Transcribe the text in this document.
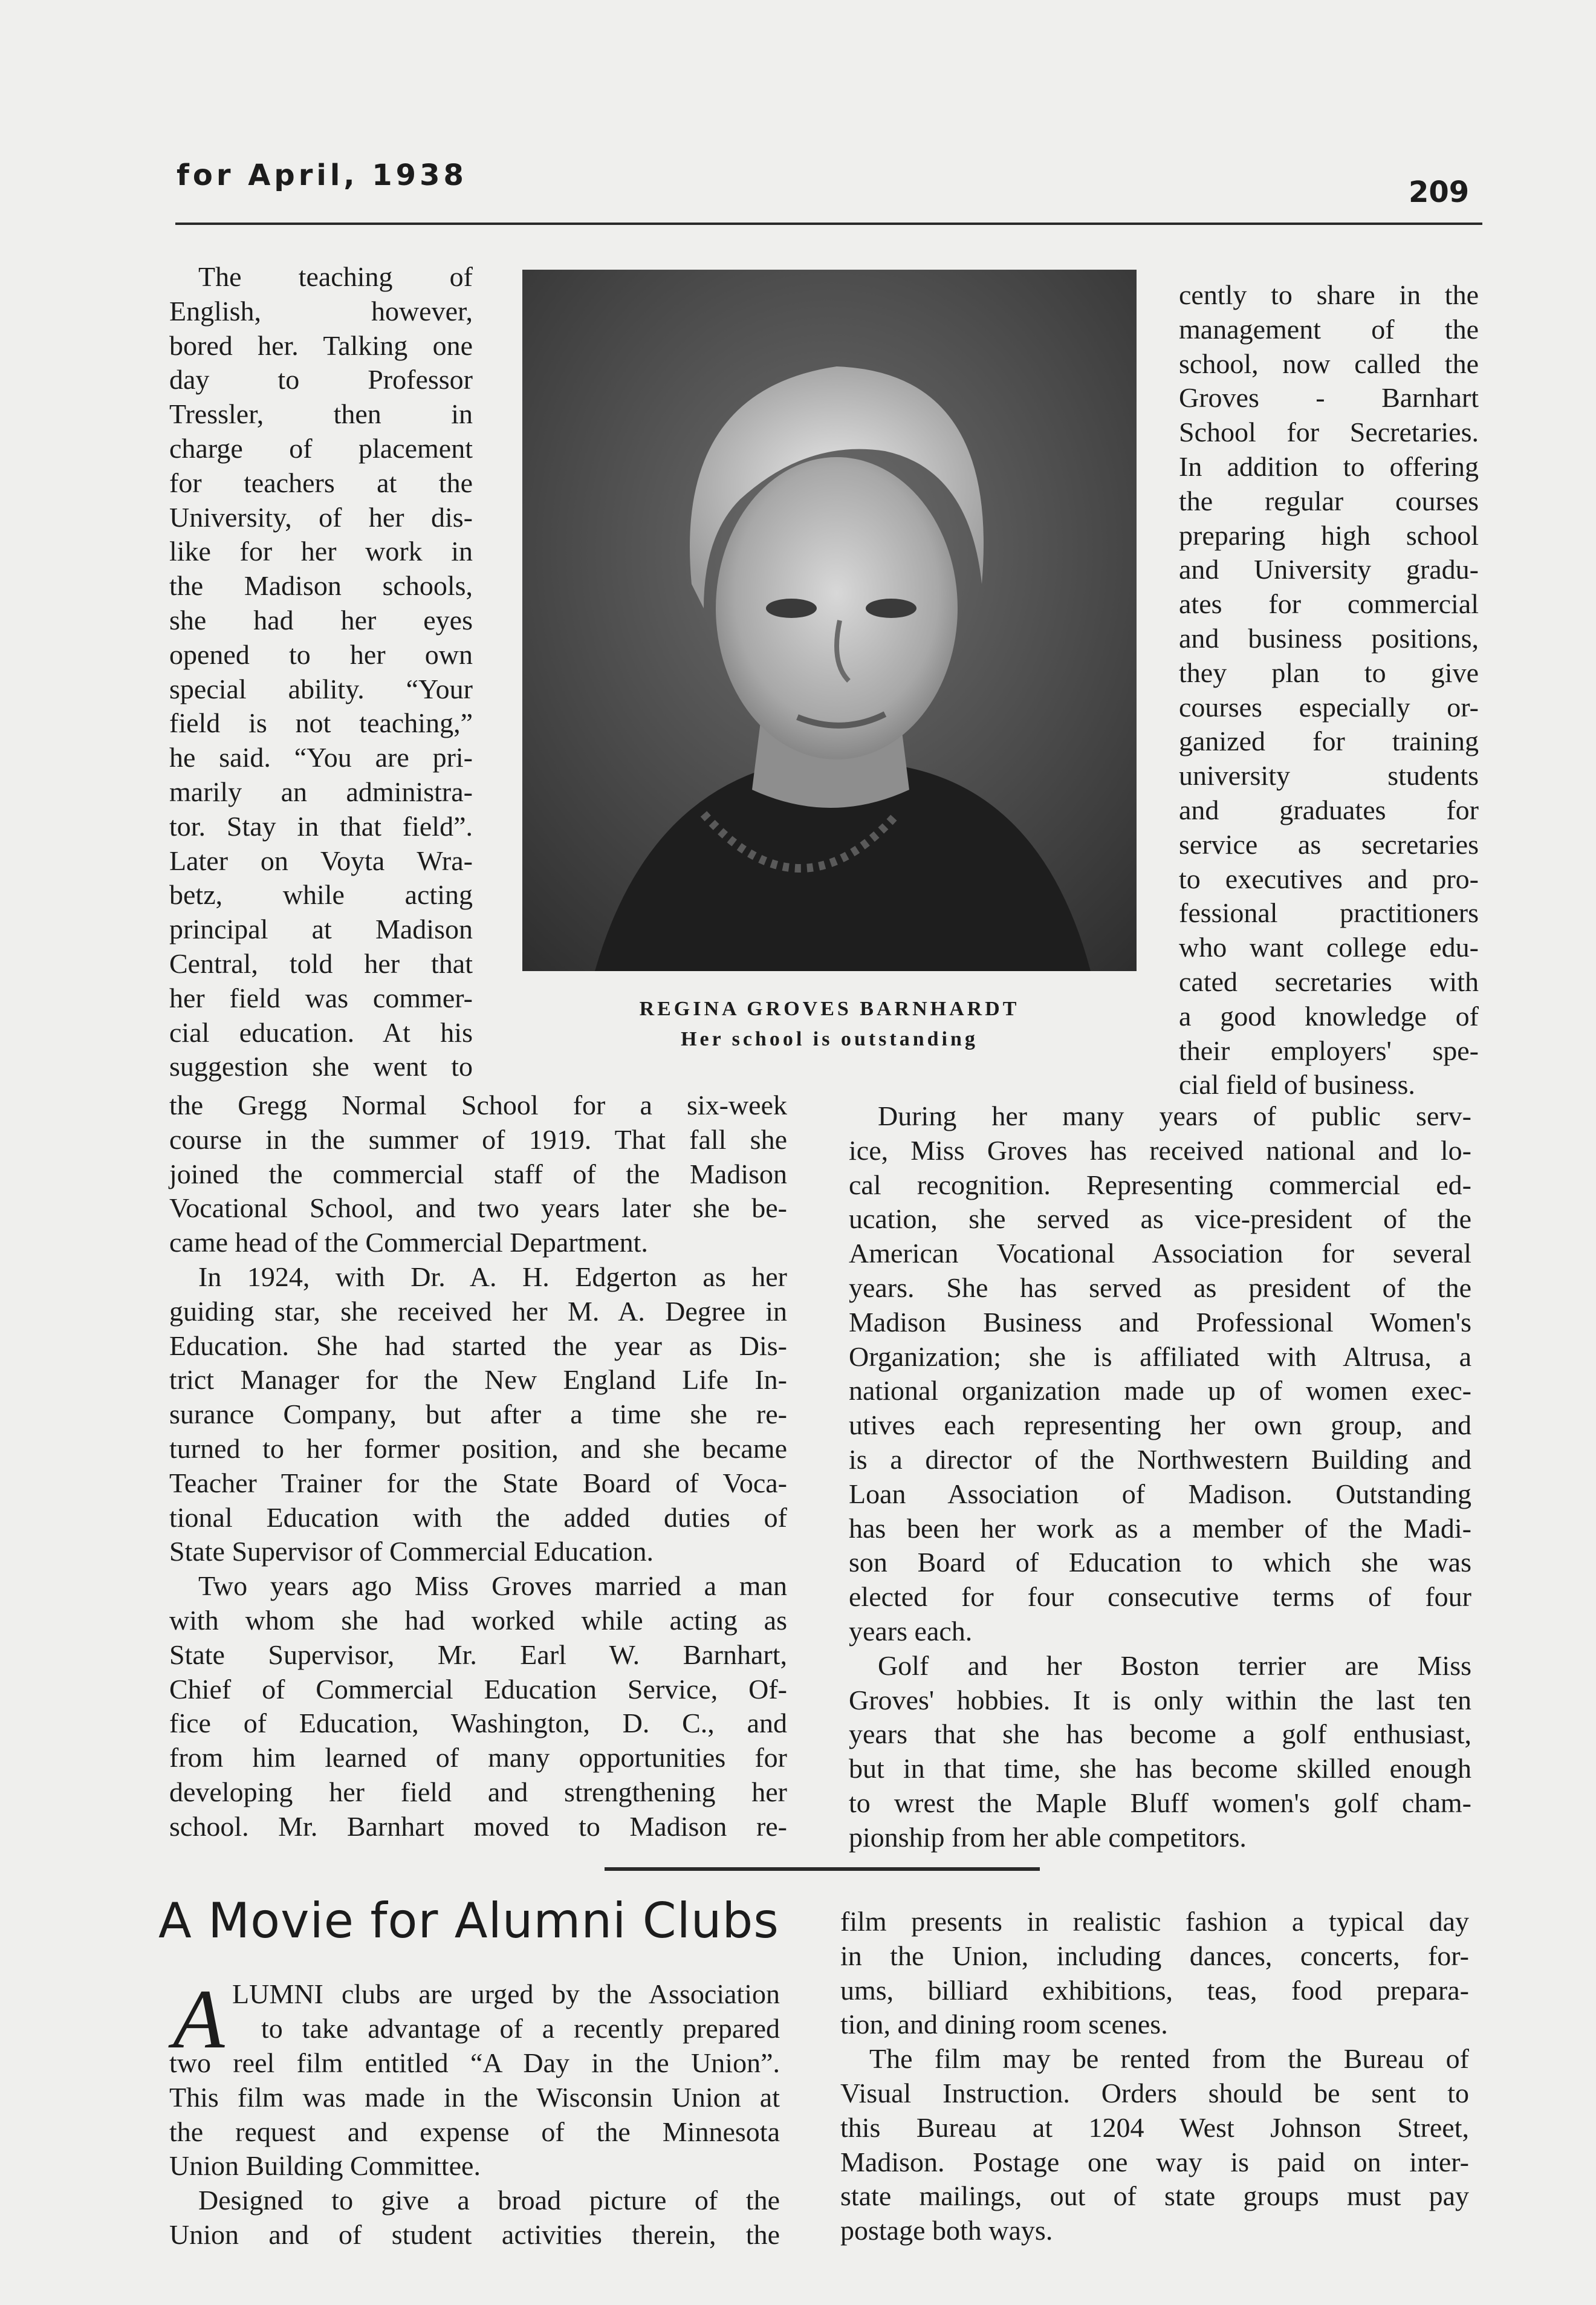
for April, 1938	209
The teaching of
English, however,
bored her. Talking one
day to Professor
Tressler, then in
charge of placement
for teachers at the
University, of her dis-
like for her work in
the Madison schools,
she had her eyes
opened to her own
special ability. “Your
field is not teaching,”
he said. “You are pri-
marily an administra-
tor. Stay in that field”.
Later on Voyta Wra-
betz, while acting
principal at Madison
Central, told her that
her field was commer-
cial education. At his
suggestion she went to
REGINA GROVES BARNHARDT
Her school is outstanding
cently to share in the
management of the
school, now called the
Groves - Barnhart
School for Secretaries.
In addition to offering
the regular courses
preparing high school
and University gradu-
ates for commercial
and business positions,
they plan to give
courses especially or-
ganized for training
university students
and graduates for
service as secretaries
to executives and pro-
fessional practitioners
who want college edu-
cated secretaries with
a good knowledge of
their employers' spe-
cial field of business.
the Gregg Normal School for a six-week
course in the summer of 1919. That fall she
joined the commercial staff of the Madison
Vocational School, and two years later she be-
came head of the Commercial Department.
In 1924, with Dr. A. H. Edgerton as her
guiding star, she received her M. A. Degree in
Education. She had started the year as Dis-
trict Manager for the New England Life In-
surance Company, but after a time she re-
turned to her former position, and she became
Teacher Trainer for the State Board of Voca-
tional Education with the added duties of
State Supervisor of Commercial Education.
Two years ago Miss Groves married a man
with whom she had worked while acting as
State Supervisor, Mr. Earl W. Barnhart,
Chief of Commercial Education Service, Of-
fice of Education, Washington, D. C., and
from him learned of many opportunities for
developing her field and strengthening her
school. Mr. Barnhart moved to Madison re-
During her many years of public serv-
ice, Miss Groves has received national and lo-
cal recognition. Representing commercial ed-
ucation, she served as vice-president of the
American Vocational Association for several
years. She has served as president of the
Madison Business and Professional Women's
Organization; she is affiliated with Altrusa, a
national organization made up of women exec-
utives each representing her own group, and
is a director of the Northwestern Building and
Loan Association of Madison. Outstanding
has been her work as a member of the Madi-
son Board of Education to which she was
elected for four consecutive terms of four
years each.
Golf and her Boston terrier are Miss
Groves' hobbies. It is only within the last ten
years that she has become a golf enthusiast,
but in that time, she has become skilled enough
to wrest the Maple Bluff women's golf cham-
pionship from her able competitors.
A Movie for Alumni Clubs
A LUMNI clubs are urged by the Association
to take advantage of a recently prepared
two reel film entitled “A Day in the Union”.
This film was made in the Wisconsin Union at
the request and expense of the Minnesota
Union Building Committee.
Designed to give a broad picture of the
Union and of student activities therein, the
film presents in realistic fashion a typical day
in the Union, including dances, concerts, for-
ums, billiard exhibitions, teas, food prepara-
tion, and dining room scenes.
The film may be rented from the Bureau of
Visual Instruction. Orders should be sent to
this Bureau at 1204 West Johnson Street,
Madison. Postage one way is paid on inter-
state mailings, out of state groups must pay
postage both ways.
